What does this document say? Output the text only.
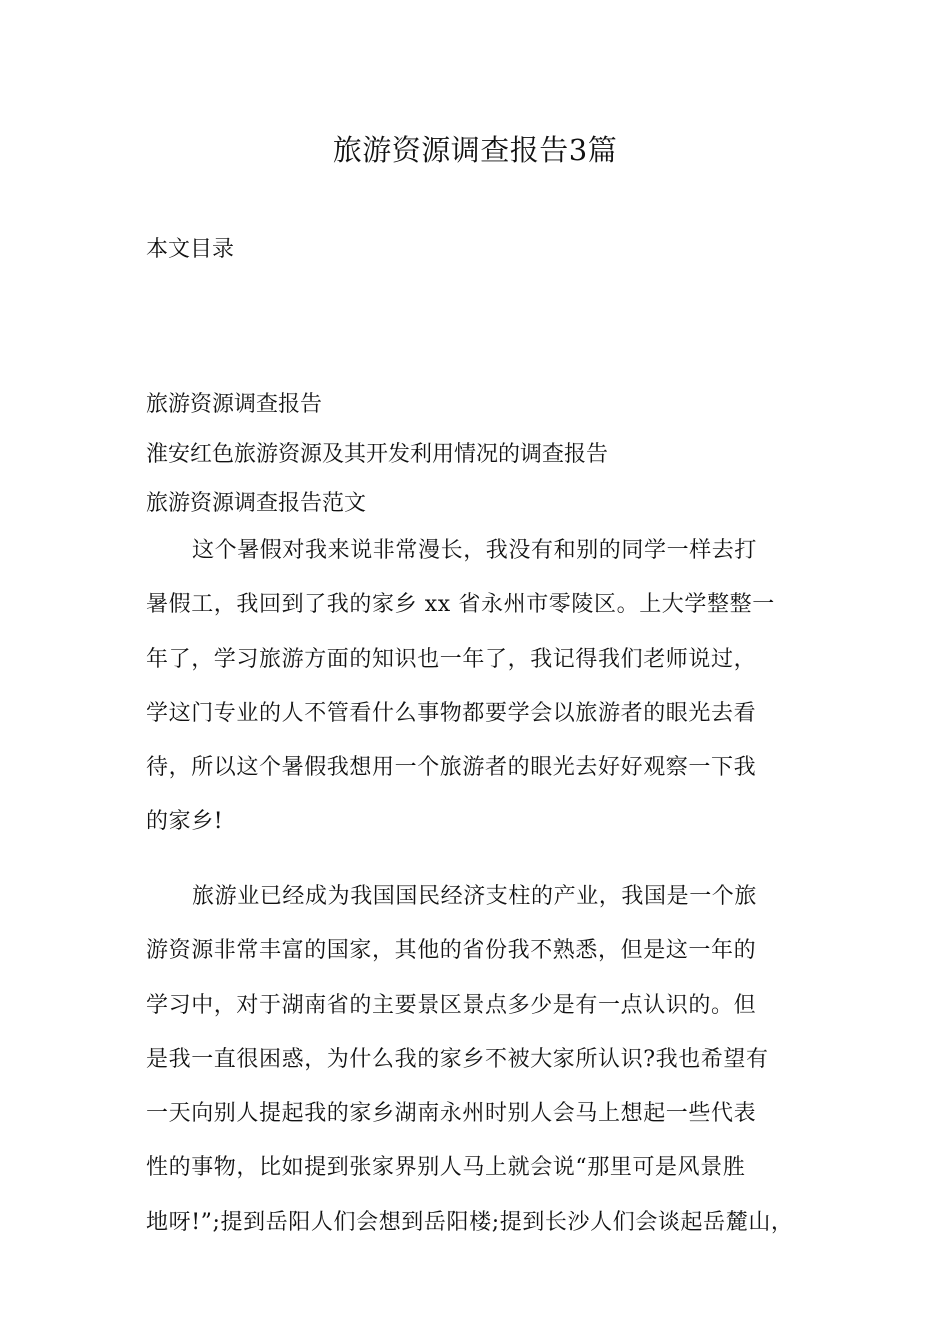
旅游资源调查报告3篇
本文目录
旅游资源调查报告
淮安红色旅游资源及其开发利用情况的调查报告
旅游资源调查报告范文

这个暑假对我来说非常漫长，我没有和别的同学一样去打
暑假工，我回到了我的家乡 xx 省永州市零陵区。上大学整整一
年了，学习旅游方面的知识也一年了，我记得我们老师说过，
学这门专业的人不管看什么事物都要学会以旅游者的眼光去看
待，所以这个暑假我想用一个旅游者的眼光去好好观察一下我
的家乡!

旅游业已经成为我国国民经济支柱的产业，我国是一个旅
游资源非常丰富的国家，其他的省份我不熟悉，但是这一年的
学习中，对于湖南省的主要景区景点多少是有一点认识的。但
是我一直很困惑，为什么我的家乡不被大家所认识?我也希望有
一天向别人提起我的家乡湖南永州时别人会马上想起一些代表
性的事物，比如提到张家界别人马上就会说“那里可是风景胜
地呀!”;提到岳阳人们会想到岳阳楼;提到长沙人们会谈起岳麓山，
